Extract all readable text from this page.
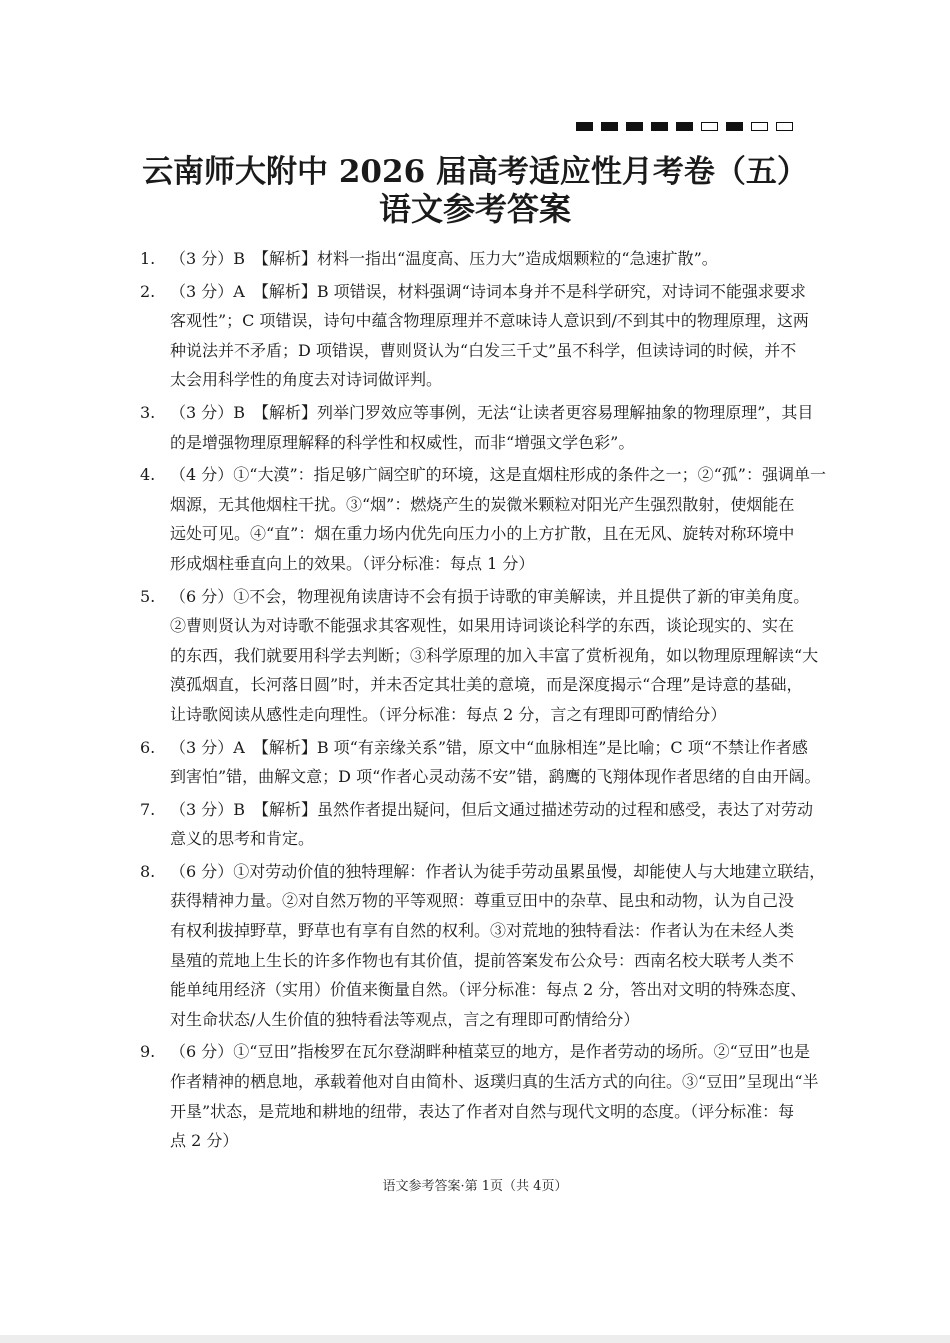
云南师大附中 2026 届高考适应性月考卷（五）
语文参考答案
1. （3 分）B　【解析】材料一指出“温度高、压力大”造成烟颗粒的“急速扩散”。
2. （3 分）A　【解析】B 项错误，材料强调“诗词本身并不是科学研究，对诗词不能强求要求
客观性”；C 项错误，诗句中蕴含物理原理并不意味诗人意识到/不到其中的物理原理，这两
种说法并不矛盾；D 项错误，曹则贤认为“白发三千丈”虽不科学，但读诗词的时候，并不
太会用科学性的角度去对诗词做评判。
3. （3 分）B　【解析】列举门罗效应等事例，无法“让读者更容易理解抽象的物理原理”，其目
的是增强物理原理解释的科学性和权威性，而非“增强文学色彩”。
4. （4 分）①“大漠”：指足够广阔空旷的环境，这是直烟柱形成的条件之一；②“孤”：强调单一
烟源，无其他烟柱干扰。③“烟”：燃烧产生的炭微米颗粒对阳光产生强烈散射，使烟能在
远处可见。④“直”：烟在重力场内优先向压力小的上方扩散，且在无风、旋转对称环境中
形成烟柱垂直向上的效果。（评分标准：每点 1 分）
5. （6 分）①不会，物理视角读唐诗不会有损于诗歌的审美解读，并且提供了新的审美角度。
②曹则贤认为对诗歌不能强求其客观性，如果用诗词谈论科学的东西，谈论现实的、实在
的东西，我们就要用科学去判断；③科学原理的加入丰富了赏析视角，如以物理原理解读“大
漠孤烟直，长河落日圆”时，并未否定其壮美的意境，而是深度揭示“合理”是诗意的基础，
让诗歌阅读从感性走向理性。（评分标准：每点 2 分，言之有理即可酌情给分）
6. （3 分）A　【解析】B 项“有亲缘关系”错，原文中“血脉相连”是比喻；C 项“不禁让作者感
到害怕”错，曲解文意；D 项“作者心灵动荡不安”错，鹞鹰的飞翔体现作者思绪的自由开阔。
7. （3 分）B　【解析】虽然作者提出疑问，但后文通过描述劳动的过程和感受，表达了对劳动
意义的思考和肯定。
8. （6 分）①对劳动价值的独特理解：作者认为徒手劳动虽累虽慢，却能使人与大地建立联结，
获得精神力量。②对自然万物的平等观照：尊重豆田中的杂草、昆虫和动物，认为自己没
有权利拔掉野草，野草也有享有自然的权利。③对荒地的独特看法：作者认为在未经人类
垦殖的荒地上生长的许多作物也有其价值，提前答案发布公众号：西南名校大联考人类不
能单纯用经济（实用）价值来衡量自然。（评分标准：每点 2 分，答出对文明的特殊态度、
对生命状态/人生价值的独特看法等观点，言之有理即可酌情给分）
9. （6 分）①“豆田”指梭罗在瓦尔登湖畔种植菜豆的地方，是作者劳动的场所。②“豆田”也是
作者精神的栖息地，承载着他对自由简朴、返璞归真的生活方式的向往。③“豆田”呈现出“半
开垦”状态，是荒地和耕地的纽带，表达了作者对自然与现代文明的态度。（评分标准：每
点 2 分）
语文参考答案·第 1页（共 4页）
